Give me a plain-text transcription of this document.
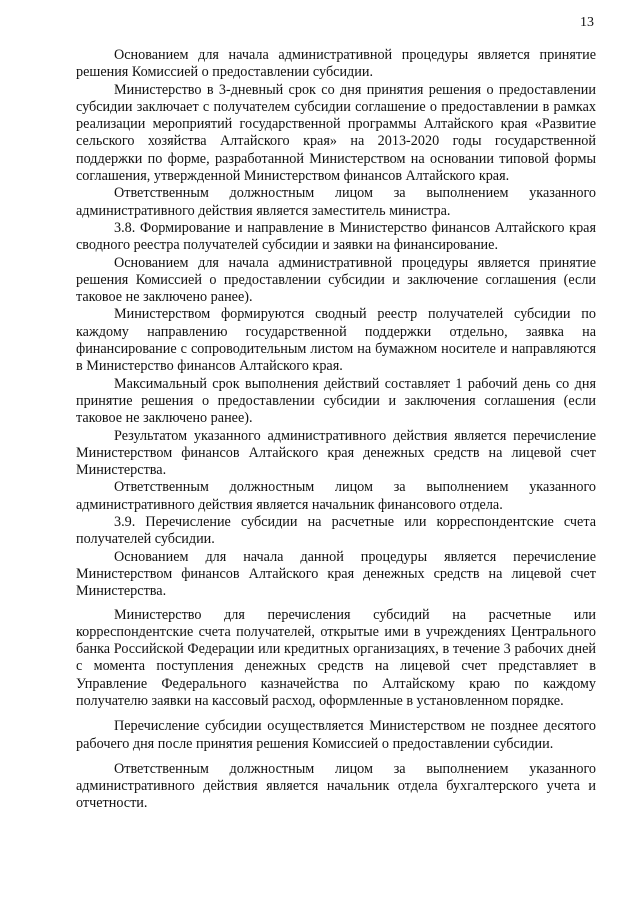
13

Основанием для начала административной процедуры является принятие решения Комиссией о предоставлении субсидии.

Министерство в 3-дневный срок со дня принятия решения о предоставлении субсидии заключает с получателем субсидии соглашение о предоставлении в рамках реализации мероприятий государственной программы Алтайского края «Развитие сельского хозяйства Алтайского края» на 2013-2020 годы государственной поддержки по форме, разработанной Министерством на основании типовой формы соглашения, утвержденной Министерством финансов Алтайского края.

Ответственным должностным лицом за выполнением указанного административного действия является заместитель министра.

3.8. Формирование и направление в Министерство финансов Алтайского края сводного реестра получателей субсидии и заявки на финансирование.

Основанием для начала административной процедуры является принятие решения Комиссией о предоставлении субсидии и заключение соглашения (если таковое не заключено ранее).

Министерством формируются сводный реестр получателей субсидии по каждому направлению государственной поддержки отдельно, заявка на финансирование с сопроводительным листом на бумажном носителе и направляются в Министерство финансов Алтайского края.

Максимальный срок выполнения действий составляет 1 рабочий день со дня принятие решения о предоставлении субсидии и заключения соглашения (если таковое не заключено ранее).

Результатом указанного административного действия является перечисление Министерством финансов Алтайского края денежных средств на лицевой счет Министерства.

Ответственным должностным лицом за выполнением указанного административного действия является начальник финансового отдела.

3.9. Перечисление субсидии на расчетные или корреспондентские счета получателей субсидии.

Основанием для начала данной процедуры является перечисление Министерством финансов Алтайского края денежных средств на лицевой счет Министерства.

Министерство для перечисления субсидий на расчетные или корреспондентские счета получателей, открытые ими в учреждениях Центрального банка Российской Федерации или кредитных организациях, в течение 3 рабочих дней с момента поступления денежных средств на лицевой счет представляет в Управление Федерального казначейства по Алтайскому краю по каждому получателю заявки на кассовый расход, оформленные в установленном порядке.

Перечисление субсидии осуществляется Министерством не позднее десятого рабочего дня после принятия решения Комиссией о предоставлении субсидии.

Ответственным должностным лицом за выполнением указанного административного действия является начальник отдела бухгалтерского учета и отчетности.
